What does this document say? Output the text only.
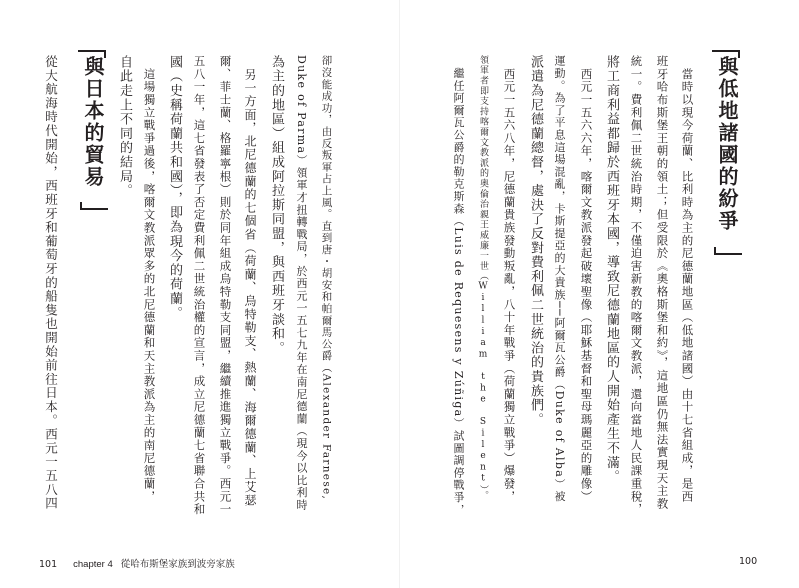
從大航海時代開始，西班牙和葡萄牙的船隻也開始前往日本。西元一五八四 與日本的貿易 自此走上不同的結局。 　這場獨立戰爭過後，喀爾文教派眾多的北尼德蘭和天主教派為主的南尼德蘭， 國（史稱荷蘭共和國），即為現今的荷蘭。 五八一年，這七省發表了否定費利佩二世統治權的宣言，成立尼德蘭七省聯合共和 爾、菲士蘭、格羅寧根）則於同年組成烏特勒支同盟，繼續推進獨立戰爭。西元一 　另一方面，北尼德蘭的七個省（荷蘭、烏特勒支、熱蘭、海爾德蘭、上艾瑟 為主的地區）組成阿拉斯同盟，與西班牙談和。 Duke of Parma）領軍才扭轉戰局，於西元一五七九年在南尼德蘭（現今以比利時 卻沒能成功，由反叛軍占上風。直到唐・胡安和帕爾馬公爵（Alexander Farnese,
101 chapter 4 從哈布斯堡家族到波旁家族
　繼任阿爾瓦公爵的勒克斯森（Luis de Requesens y Zúñiga）試圖調停戰爭， 領軍者即支持喀爾文教派的奧倫治親王威廉一世（William the Silent）。 　西元一五六八年，尼德蘭貴族發動叛亂，八十年戰爭（荷蘭獨立戰爭）爆發， 派遣為尼德蘭總督，處決了反對費利佩二世統治的貴族們。 運動。為了平息這場混亂，卡斯提亞的大貴族──阿爾瓦公爵（Duke of Alba）被 　西元一五六六年，喀爾文教派發起破壞聖像（耶穌基督和聖母瑪麗亞的雕像） 將工商利益都歸於西班牙本國，導致尼德蘭地區的人開始產生不滿。 統一。費利佩二世統治時期，不僅迫害新教的喀爾文教派，還向當地人民課重稅， 班牙哈布斯堡王朝的領土；但受限於《奧格斯堡和約》，這地區仍無法實現天主教 　當時以現今荷蘭、比利時為主的尼德蘭地區（低地諸國）由十七省組成，是西 與低地諸國的紛爭
100
